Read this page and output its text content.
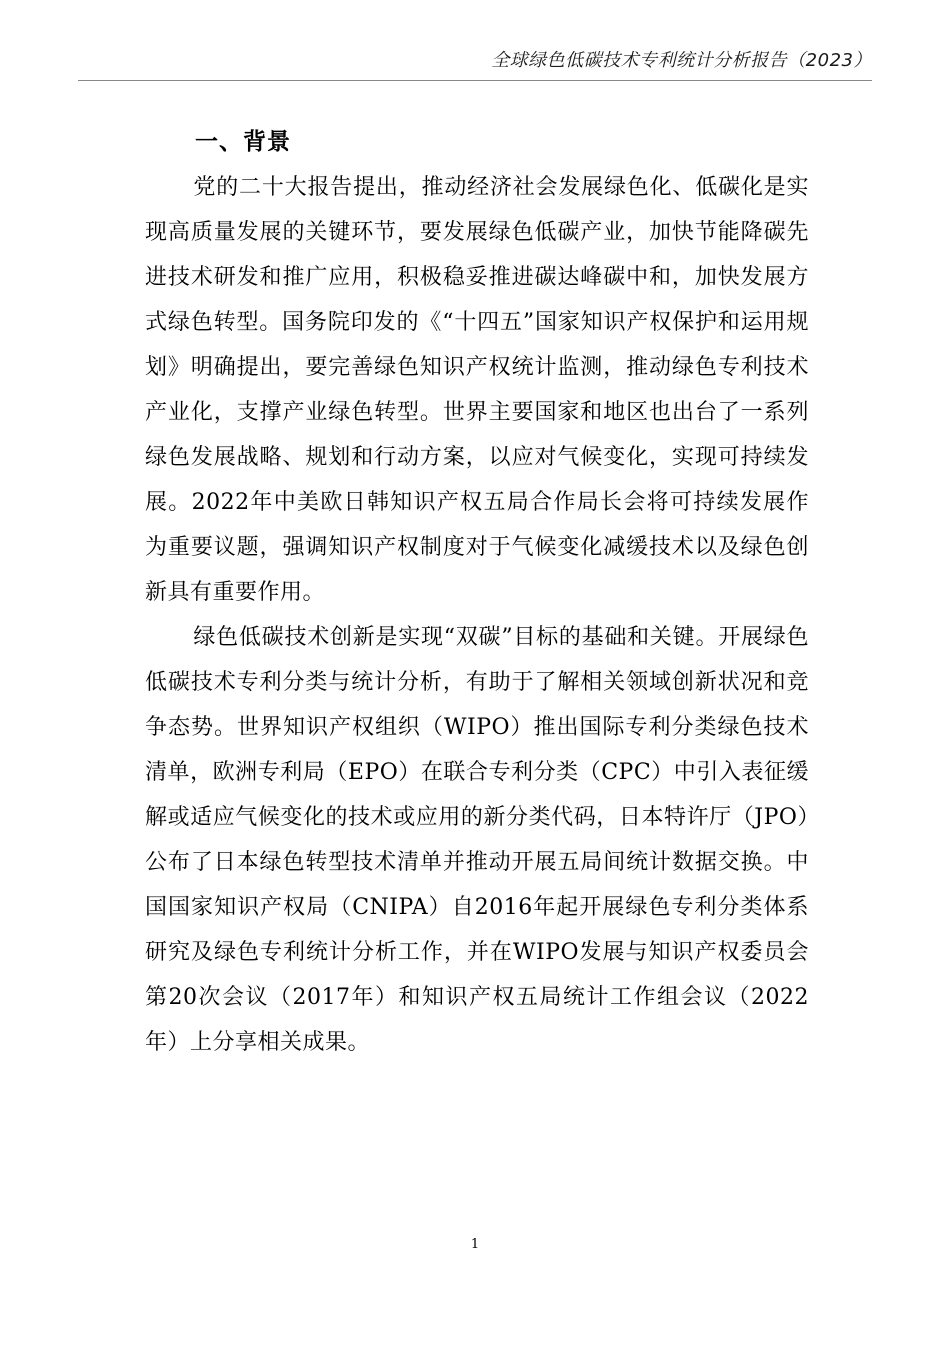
全球绿色低碳技术专利统计分析报告（2023）
一、背景

党的二十大报告提出，推动经济社会发展绿色化、低碳化是实现高质量发展的关键环节，要发展绿色低碳产业，加快节能降碳先进技术研发和推广应用，积极稳妥推进碳达峰碳中和，加快发展方式绿色转型。国务院印发的《“十四五”国家知识产权保护和运用规划》明确提出，要完善绿色知识产权统计监测，推动绿色专利技术产业化，支撑产业绿色转型。世界主要国家和地区也出台了一系列绿色发展战略、规划和行动方案，以应对气候变化，实现可持续发展。2022年中美欧日韩知识产权五局合作局长会将可持续发展作为重要议题，强调知识产权制度对于气候变化减缓技术以及绿色创新具有重要作用。

绿色低碳技术创新是实现“双碳”目标的基础和关键。开展绿色低碳技术专利分类与统计分析，有助于了解相关领域创新状况和竞争态势。世界知识产权组织（WIPO）推出国际专利分类绿色技术清单，欧洲专利局（EPO）在联合专利分类（CPC）中引入表征缓解或适应气候变化的技术或应用的新分类代码，日本特许厅（JPO）公布了日本绿色转型技术清单并推动开展五局间统计数据交换。中国国家知识产权局（CNIPA）自2016年起开展绿色专利分类体系研究及绿色专利统计分析工作，并在WIPO发展与知识产权委员会第20次会议（2017年）和知识产权五局统计工作组会议（2022年）上分享相关成果。

1
